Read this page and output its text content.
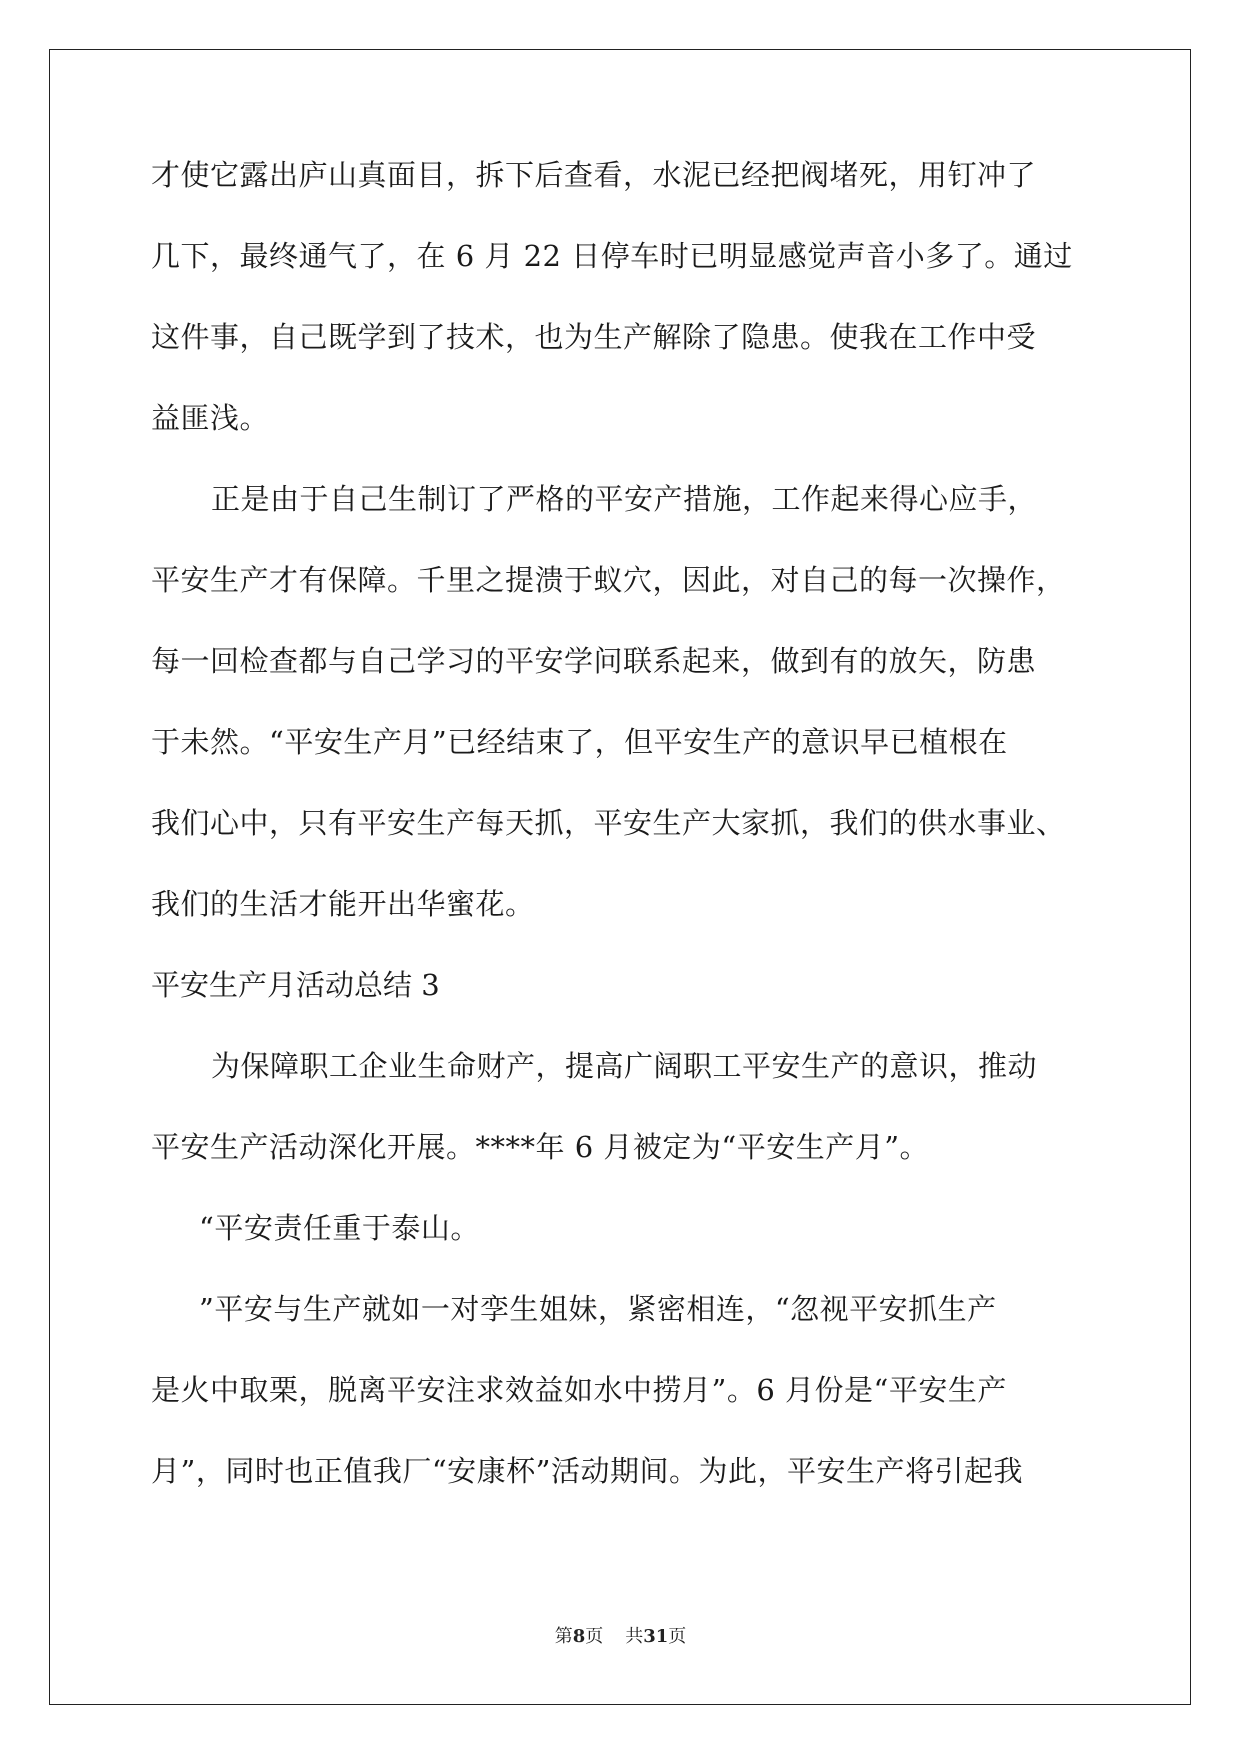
才使它露出庐山真面目，拆下后查看，水泥已经把阀堵死，用钉冲了
几下，最终通气了，在 6 月 22 日停车时已明显感觉声音小多了。通过
这件事，自己既学到了技术，也为生产解除了隐患。使我在工作中受
益匪浅。
正是由于自己生制订了严格的平安产措施，工作起来得心应手，
平安生产才有保障。千里之提溃于蚁穴，因此，对自己的每一次操作，
每一回检查都与自己学习的平安学问联系起来，做到有的放矢，防患
于未然。“平安生产月”已经结束了，但平安生产的意识早已植根在
我们心中，只有平安生产每天抓，平安生产大家抓，我们的供水事业、
我们的生活才能开出华蜜花。
平安生产月活动总结 3
为保障职工企业生命财产，提高广阔职工平安生产的意识，推动
平安生产活动深化开展。****年 6 月被定为“平安生产月”。
“平安责任重于泰山。
”平安与生产就如一对孪生姐妹，紧密相连，“忽视平安抓生产
是火中取栗，脱离平安注求效益如水中捞月”。6 月份是“平安生产
月”，同时也正值我厂“安康杯”活动期间。为此，平安生产将引起我
第8页 共31页
